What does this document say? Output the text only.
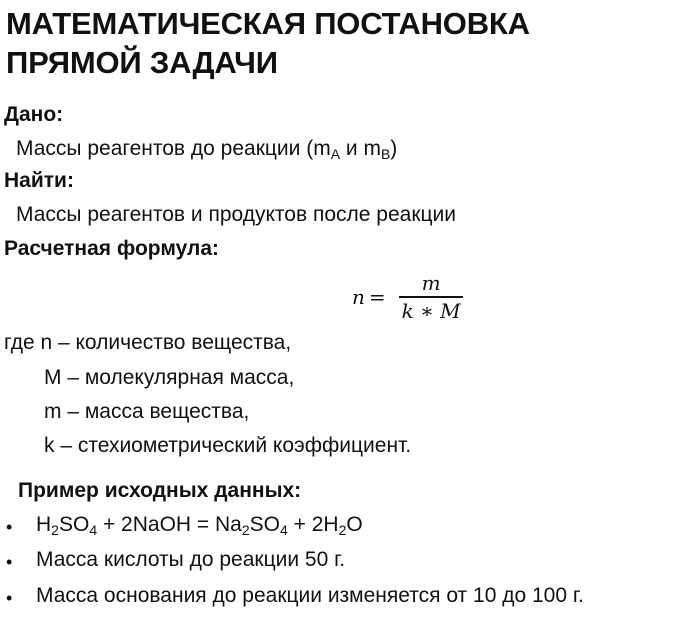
МАТЕМАТИЧЕСКАЯ ПОСТАНОВКА
ПРЯМОЙ ЗАДАЧИ

Дано:

Массы реагентов до реакции ($m_A$ и $m_B$)

Найти:

Массы реагентов и продуктов после реакции

Расчетная формула:

$n = \frac{m}{k ∗ M}$

где n – количество вещества,

M – молекулярная масса,

m – масса вещества,

k – стехиометрический коэффициент.

Пример исходных данных:

• $H_2SO_4$ + 2NaOH = $Na_2SO_4 + 2H_2O$

• Масса кислоты до реакции 50 г.

• Масса основания до реакции изменяется от 10 до 100 г.
